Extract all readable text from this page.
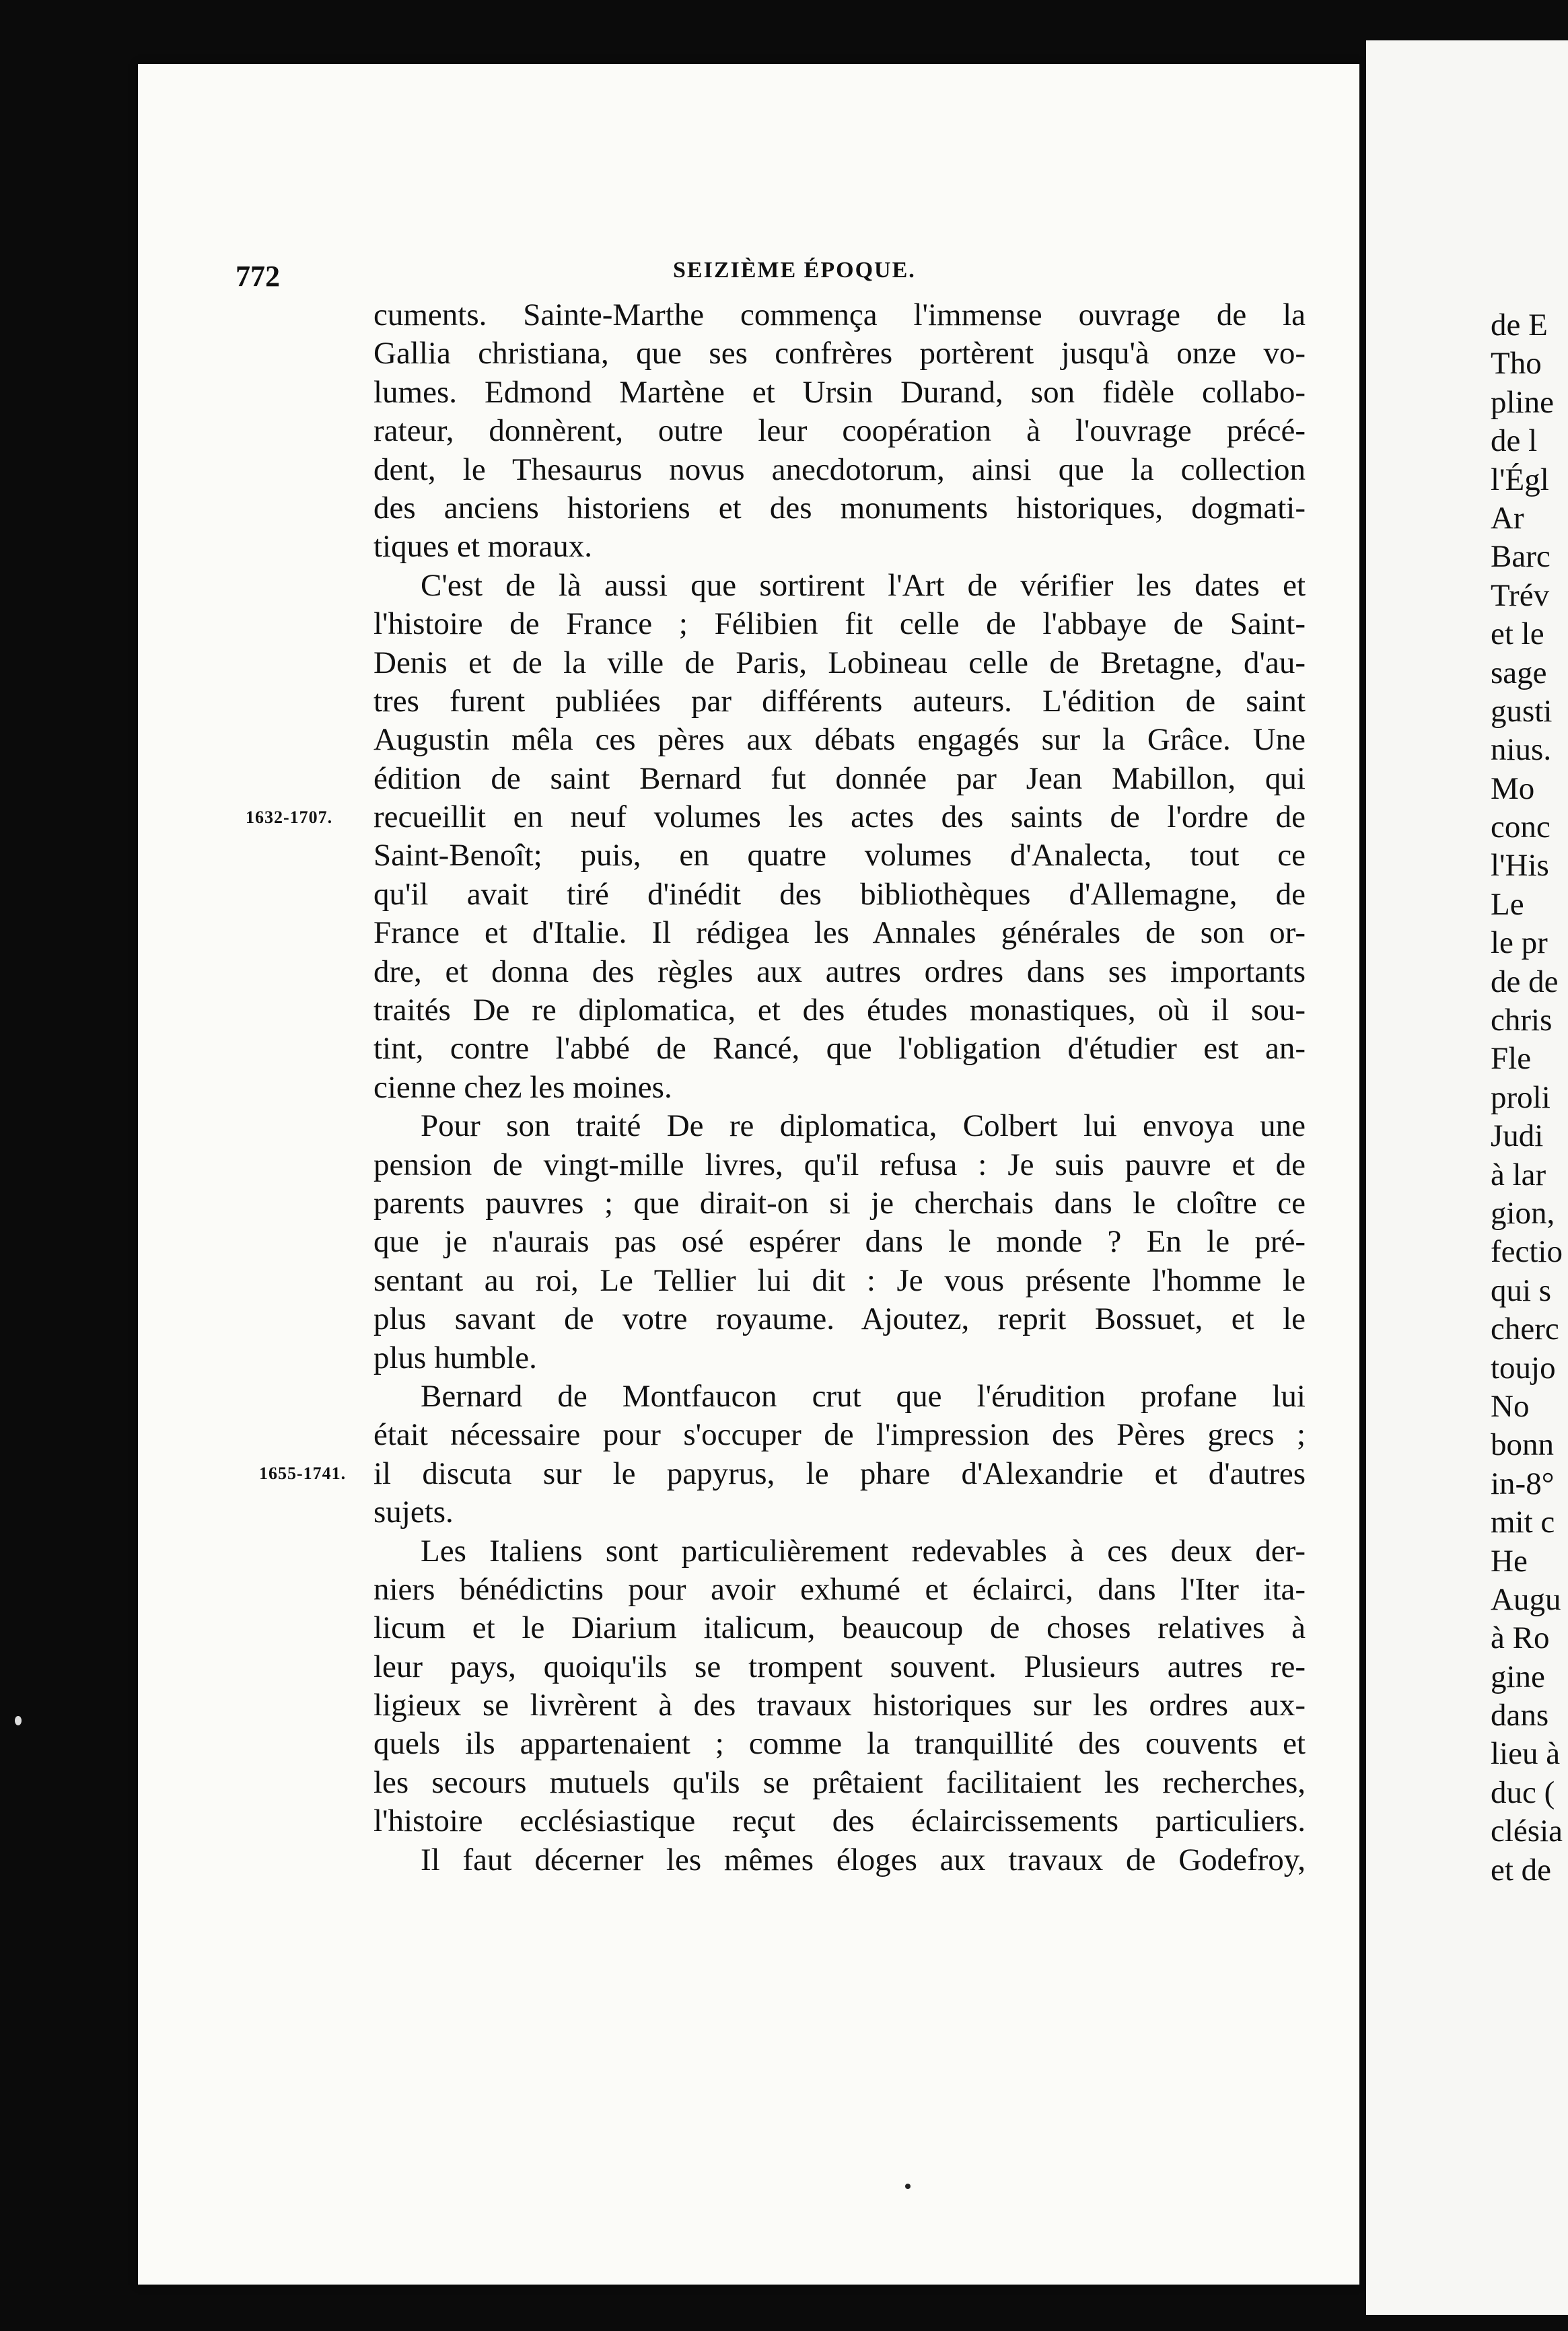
772	SEIZIÈME ÉPOQUE.
1632-1707.
1655-1741.
cuments. Sainte-Marthe commença l'immense ouvrage de la
Gallia christiana, que ses confrères portèrent jusqu'à onze vo-
lumes. Edmond Martène et Ursin Durand, son fidèle collabo-
rateur, donnèrent, outre leur coopération à l'ouvrage précé-
dent, le Thesaurus novus anecdotorum, ainsi que la collection
des anciens historiens et des monuments historiques, dogmati-
tiques et moraux.
C'est de là aussi que sortirent l'Art de vérifier les dates et
l'histoire de France ; Félibien fit celle de l'abbaye de Saint-
Denis et de la ville de Paris, Lobineau celle de Bretagne, d'au-
tres furent publiées par différents auteurs. L'édition de saint
Augustin mêla ces pères aux débats engagés sur la Grâce. Une
édition de saint Bernard fut donnée par Jean Mabillon, qui
recueillit en neuf volumes les actes des saints de l'ordre de
Saint-Benoît; puis, en quatre volumes d'Analecta, tout ce
qu'il avait tiré d'inédit des bibliothèques d'Allemagne, de
France et d'Italie. Il rédigea les Annales générales de son or-
dre, et donna des règles aux autres ordres dans ses importants
traités De re diplomatica, et des études monastiques, où il sou-
tint, contre l'abbé de Rancé, que l'obligation d'étudier est an-
cienne chez les moines.
Pour son traité De re diplomatica, Colbert lui envoya une
pension de vingt-mille livres, qu'il refusa : Je suis pauvre et de
parents pauvres ; que dirait-on si je cherchais dans le cloître ce
que je n'aurais pas osé espérer dans le monde ? En le pré-
sentant au roi, Le Tellier lui dit : Je vous présente l'homme le
plus savant de votre royaume. Ajoutez, reprit Bossuet, et le
plus humble.
Bernard de Montfaucon crut que l'érudition profane lui
était nécessaire pour s'occuper de l'impression des Pères grecs ;
il discuta sur le papyrus, le phare d'Alexandrie et d'autres
sujets.
Les Italiens sont particulièrement redevables à ces deux der-
niers bénédictins pour avoir exhumé et éclairci, dans l'Iter ita-
licum et le Diarium italicum, beaucoup de choses relatives à
leur pays, quoiqu'ils se trompent souvent. Plusieurs autres re-
ligieux se livrèrent à des travaux historiques sur les ordres aux-
quels ils appartenaient ; comme la tranquillité des couvents et
les secours mutuels qu'ils se prêtaient facilitaient les recherches,
l'histoire ecclésiastique reçut des éclaircissements particuliers.
Il faut décerner les mêmes éloges aux travaux de Godefroy,
de E
Tho
pline
de l
l'Égl
Ar
Barc
Trév
et le
sage
gusti
nius.
Mo
conc
l'His
Le
le pr
de de
chris
Fle
proli
Judi
à lar
gion,
fectio
qui s
cherc
toujo
No
bonn
in-8°
mit c
He
Augu
à Ro
gine
dans
lieu à
duc (
clésia
et de
